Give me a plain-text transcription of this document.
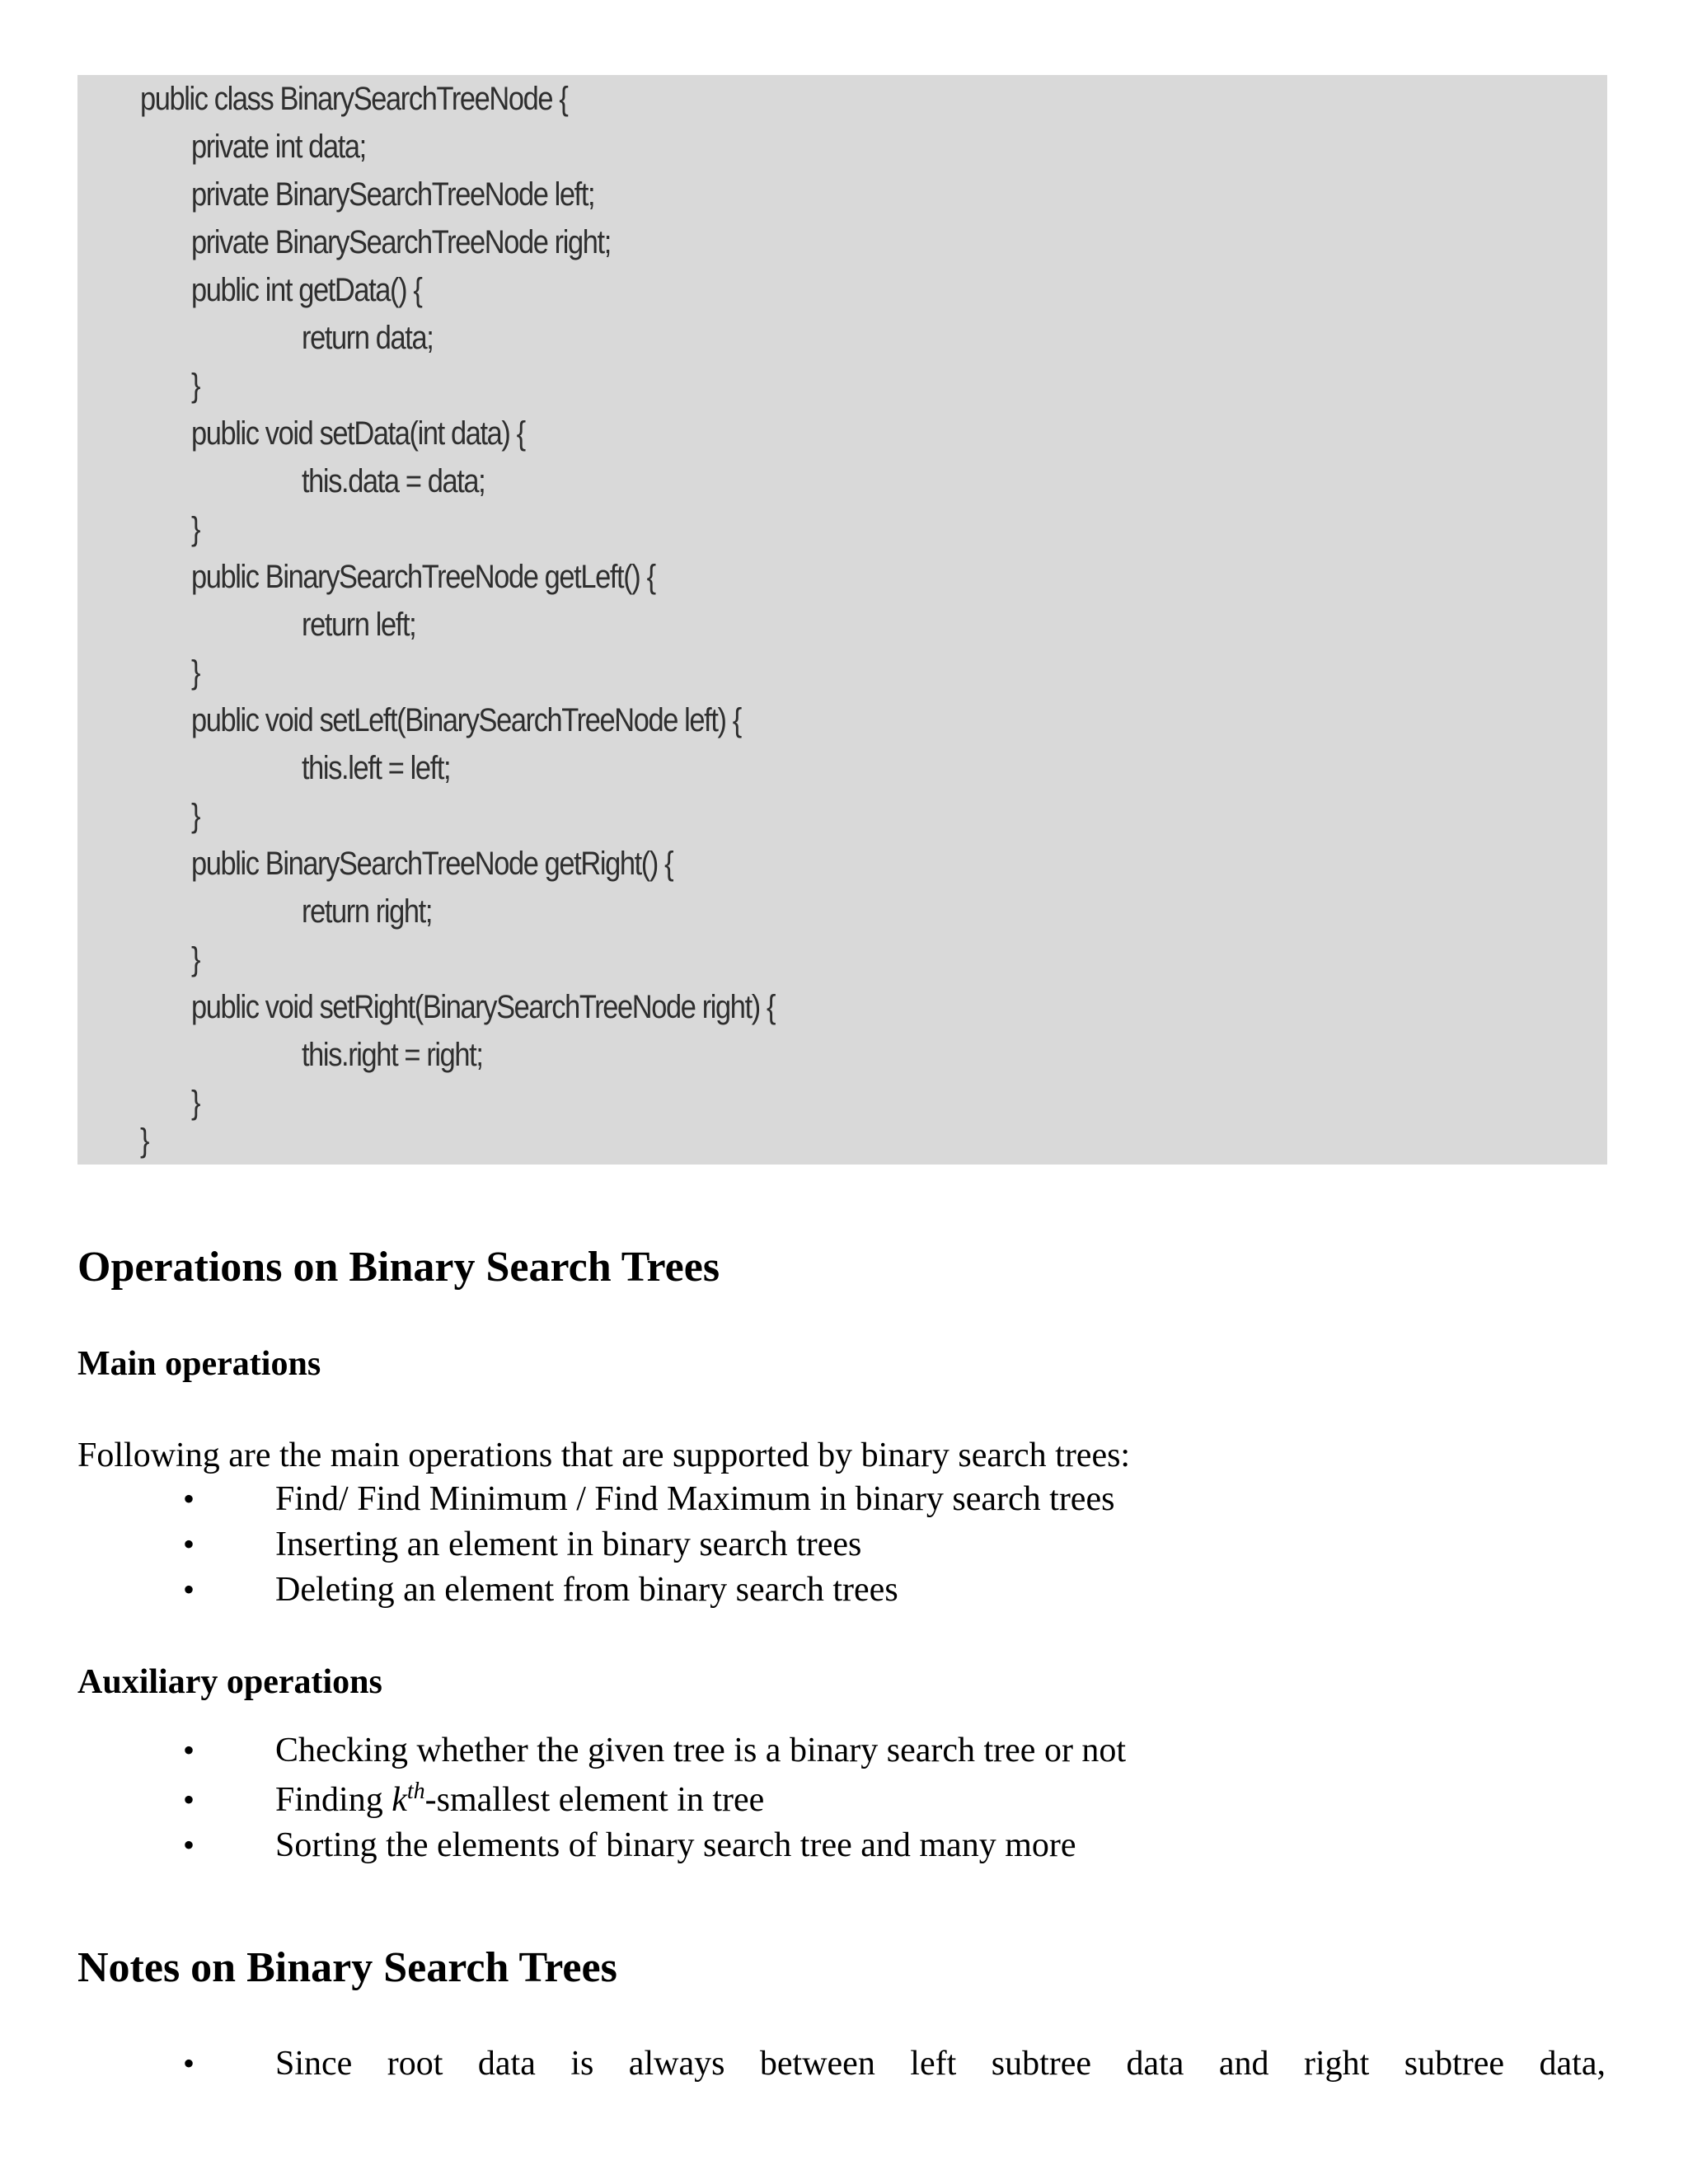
public class BinarySearchTreeNode {
private int data;
private BinarySearchTreeNode left;
private BinarySearchTreeNode right;
public int getData() {
return data;
}
public void setData(int data) {
this.data = data;
}
public BinarySearchTreeNode getLeft() {
return left;
}
public void setLeft(BinarySearchTreeNode left) {
this.left = left;
}
public BinarySearchTreeNode getRight() {
return right;
}
public void setRight(BinarySearchTreeNode right) {
this.right = right;
}
}
Operations on Binary Search Trees
Main operations
Following are the main operations that are supported by binary search trees:
• Find/ Find Minimum / Find Maximum in binary search trees
• Inserting an element in binary search trees
• Deleting an element from binary search trees
Auxiliary operations
• Checking whether the given tree is a binary search tree or not
• Finding $k^{th}$-smallest element in tree
• Sorting the elements of binary search tree and many more
Notes on Binary Search Trees
• Since root data is always between left subtree data and right subtree data,
